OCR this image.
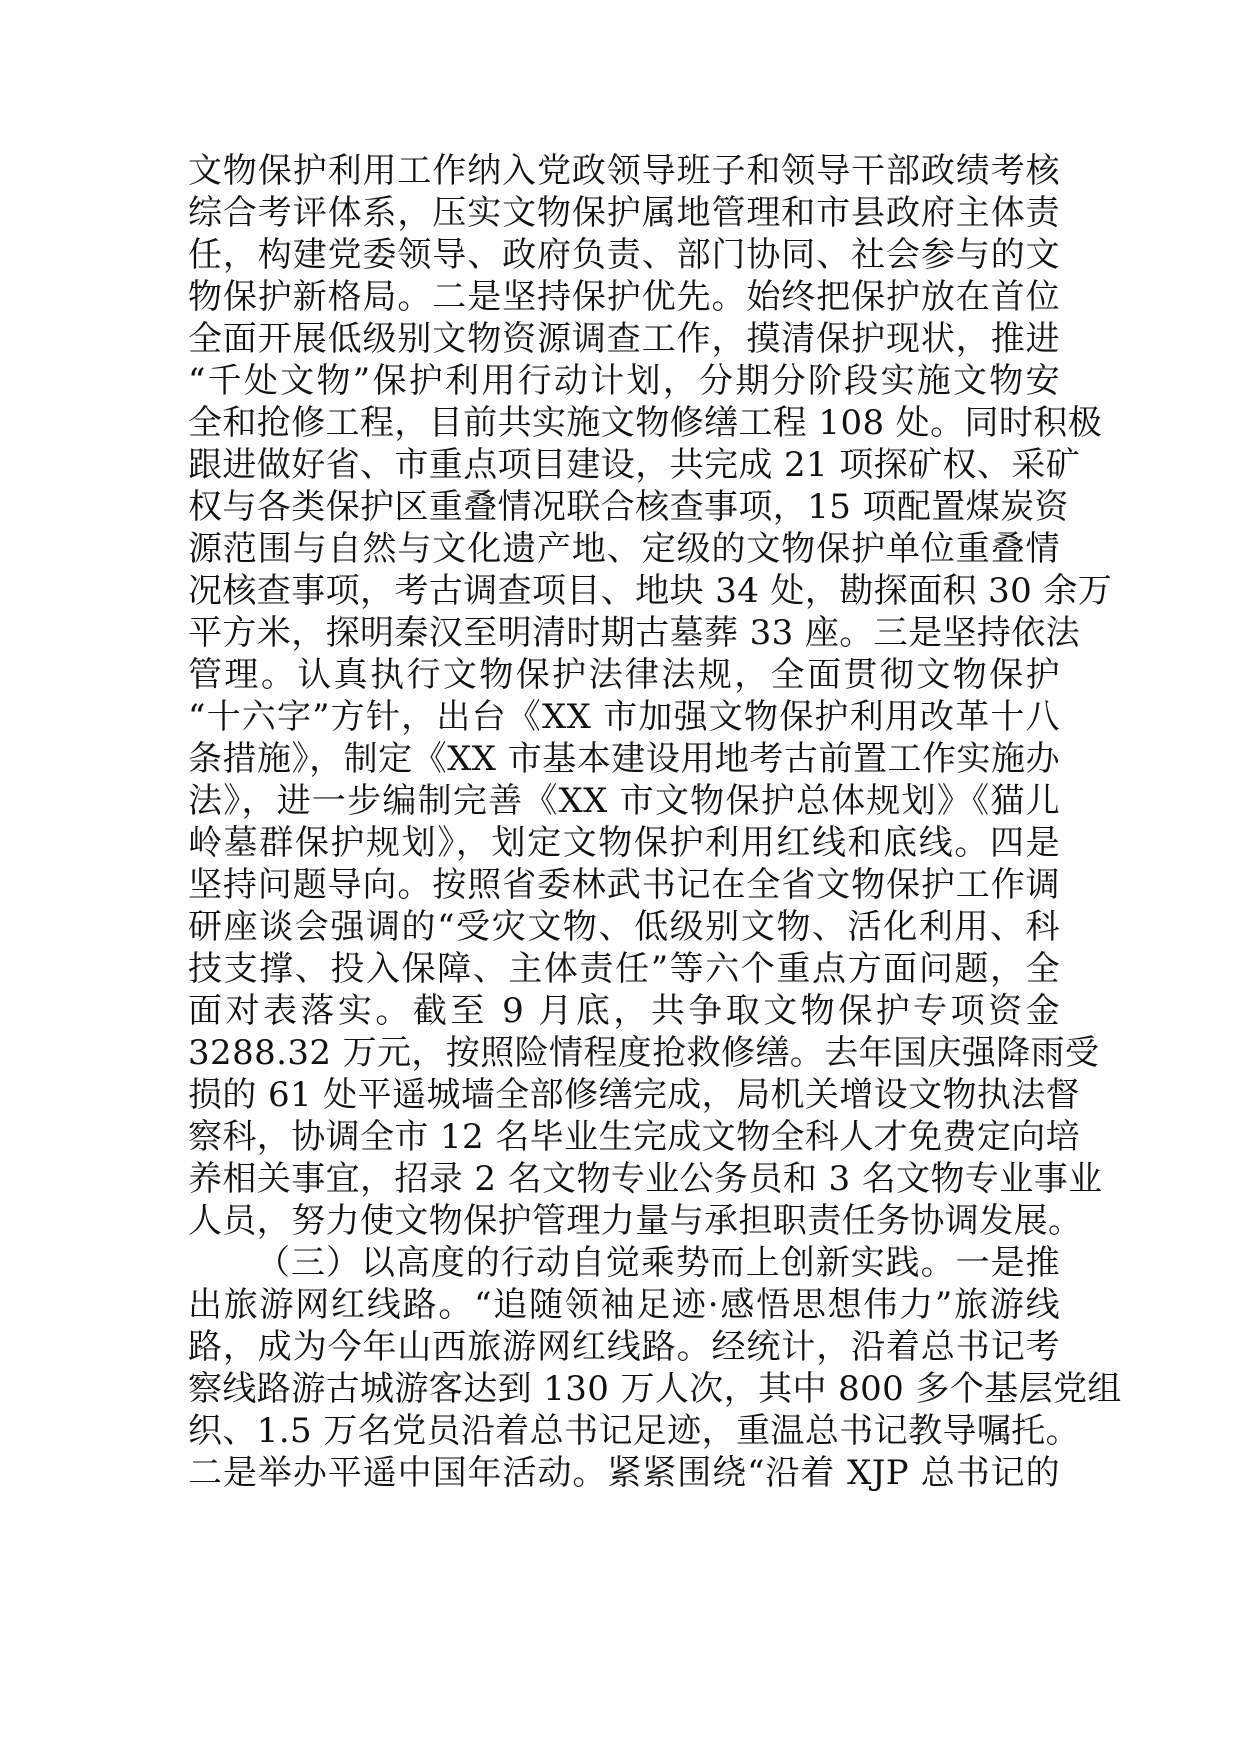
文物保护利用工作纳入党政领导班子和领导干部政绩考核
综合考评体系，压实文物保护属地管理和市县政府主体责
任，构建党委领导、政府负责、部门协同、社会参与的文
物保护新格局。二是坚持保护优先。始终把保护放在首位
全面开展低级别文物资源调查工作，摸清保护现状，推进
“千处文物”保护利用行动计划，分期分阶段实施文物安
全和抢修工程，目前共实施文物修缮工程 108 处。同时积极
跟进做好省、市重点项目建设，共完成 21 项探矿权、采矿
权与各类保护区重叠情况联合核查事项，15 项配置煤炭资
源范围与自然与文化遗产地、定级的文物保护单位重叠情
况核查事项，考古调查项目、地块 34 处，勘探面积 30 余万
平方米，探明秦汉至明清时期古墓葬 33 座。三是坚持依法
管理。认真执行文物保护法律法规，全面贯彻文物保护
“十六字”方针，出台《XX 市加强文物保护利用改革十八
条措施》，制定《XX 市基本建设用地考古前置工作实施办
法》，进一步编制完善《XX 市文物保护总体规划》《猫儿
岭墓群保护规划》，划定文物保护利用红线和底线。四是
坚持问题导向。按照省委林武书记在全省文物保护工作调
研座谈会强调的“受灾文物、低级别文物、活化利用、科
技支撑、投入保障、主体责任”等六个重点方面问题，全
面对表落实。截至 9 月底，共争取文物保护专项资金
3288.32 万元，按照险情程度抢救修缮。去年国庆强降雨受
损的 61 处平遥城墙全部修缮完成，局机关增设文物执法督
察科，协调全市 12 名毕业生完成文物全科人才免费定向培
养相关事宜，招录 2 名文物专业公务员和 3 名文物专业事业
人员，努力使文物保护管理力量与承担职责任务协调发展。
（三）以高度的行动自觉乘势而上创新实践。一是推
出旅游网红线路。“追随领袖足迹·感悟思想伟力”旅游线
路，成为今年山西旅游网红线路。经统计，沿着总书记考
察线路游古城游客达到 130 万人次，其中 800 多个基层党组
织、1.5 万名党员沿着总书记足迹，重温总书记教导嘱托。
二是举办平遥中国年活动。紧紧围绕“沿着 XJP 总书记的
